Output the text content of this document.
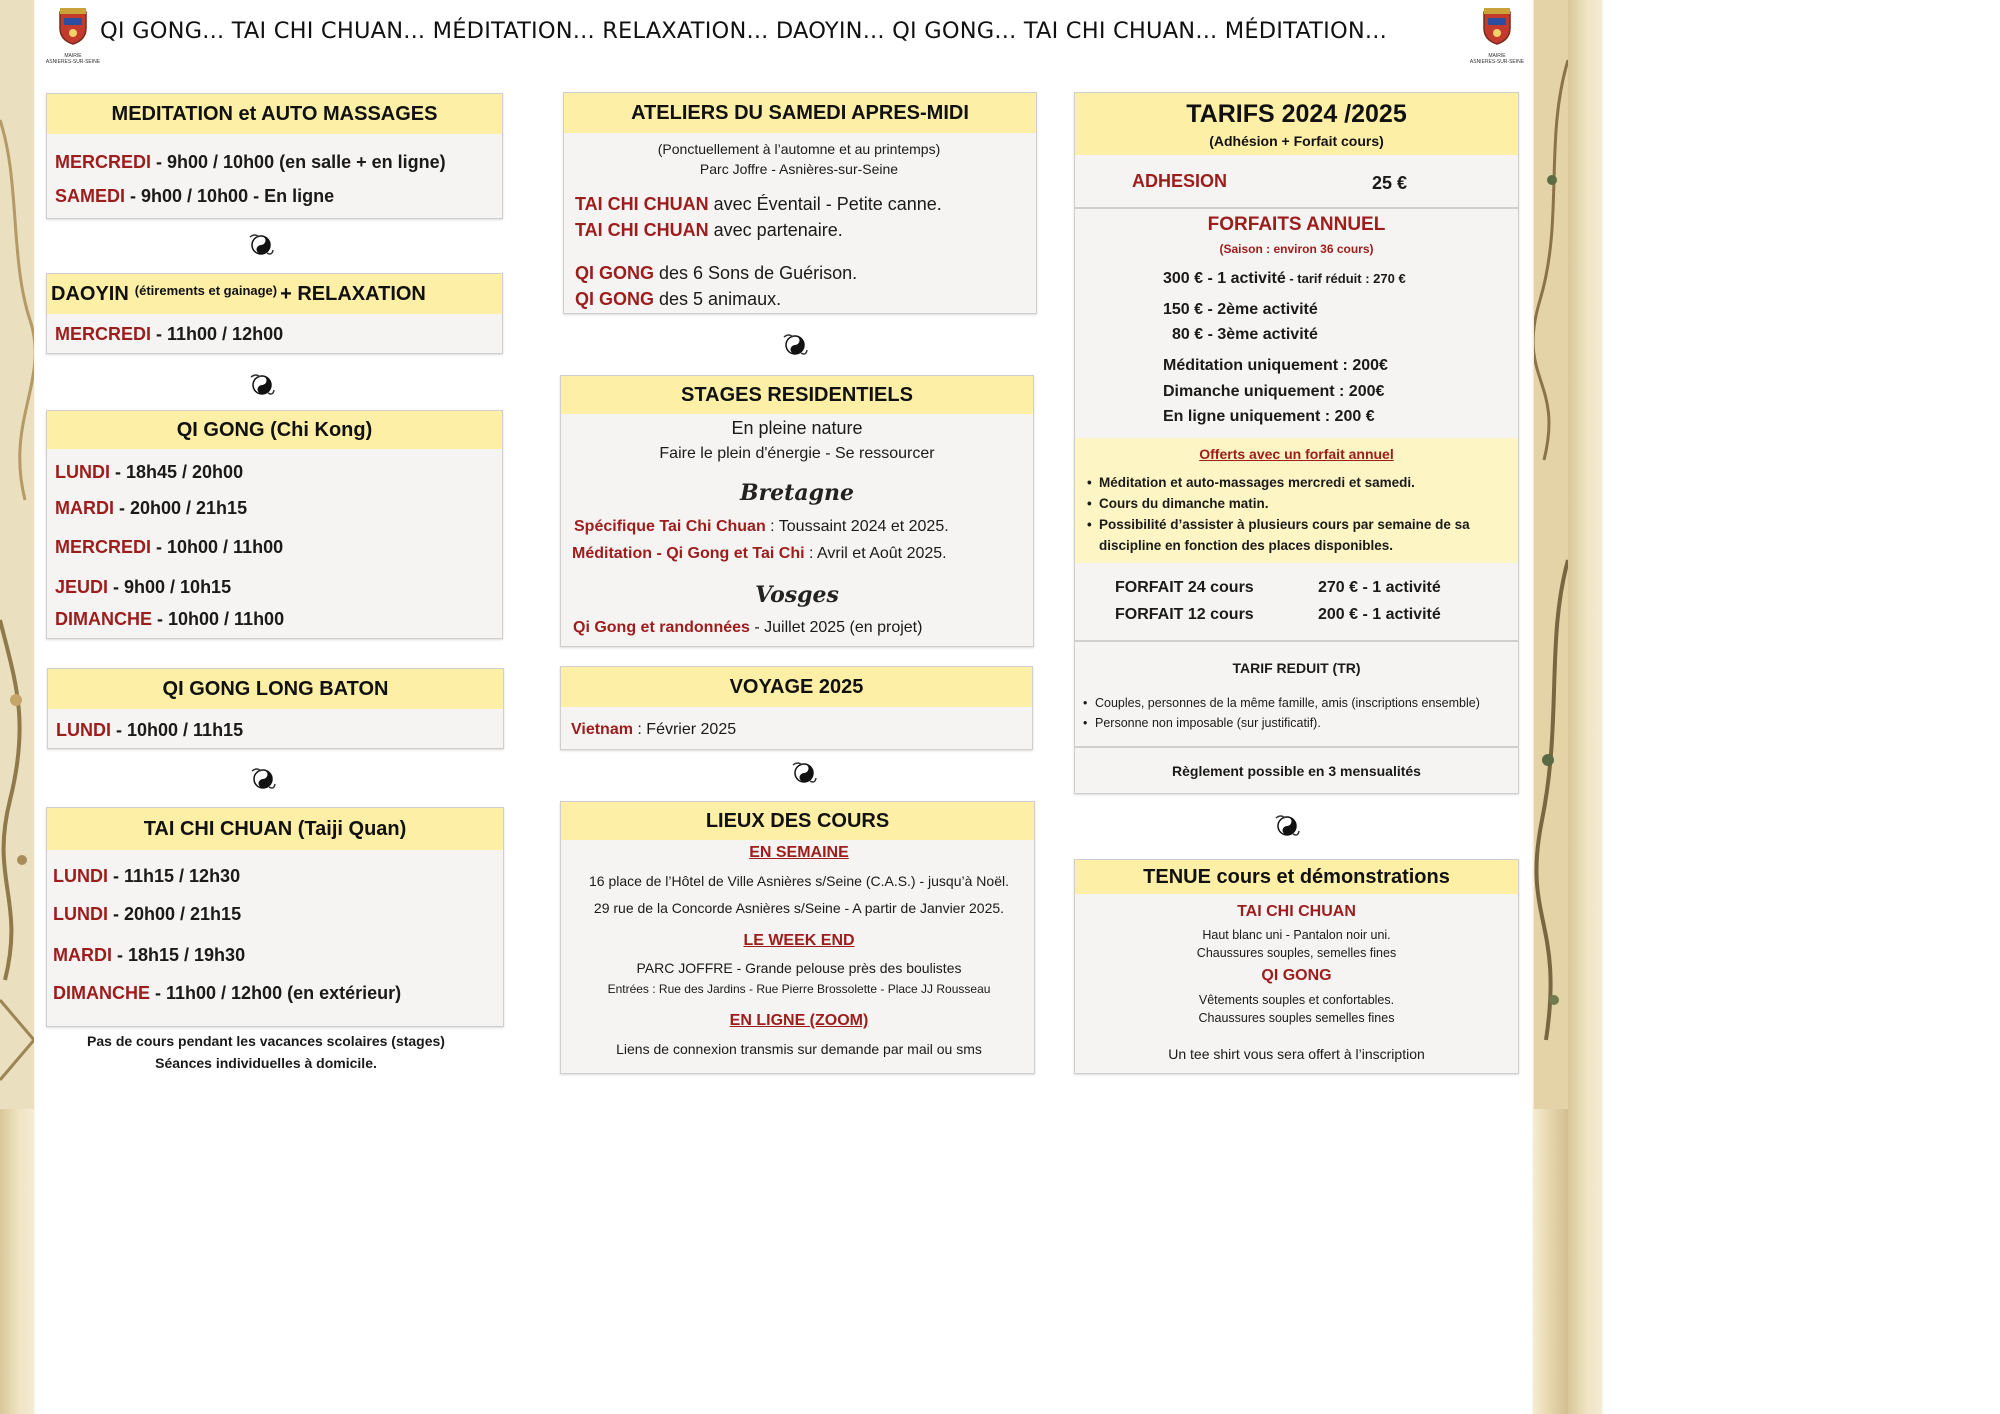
MAIRIE
ASNIERES-SUR-SEINE
MAIRIE
ASNIERES-SUR-SEINE
QI GONG... TAI CHI CHUAN... MÉDITATION... RELAXATION... DAOYIN... QI GONG... TAI CHI CHUAN... MÉDITATION...
MEDITATION et AUTO MASSAGES
MERCREDI - 9h00 / 10h00 (en salle + en ligne)
SAMEDI - 9h00 / 10h00 - En ligne
DAOYIN (étirements et gainage) + RELAXATION
MERCREDI - 11h00 / 12h00
QI GONG (Chi Kong)
LUNDI - 18h45 / 20h00
MARDI - 20h00 / 21h15
MERCREDI - 10h00 / 11h00
JEUDI - 9h00 / 10h15
DIMANCHE - 10h00 / 11h00
QI GONG LONG BATON
LUNDI - 10h00 / 11h15
TAI CHI CHUAN (Taiji Quan)
LUNDI - 11h15 / 12h30
LUNDI - 20h00 / 21h15
MARDI - 18h15 / 19h30
DIMANCHE - 11h00 / 12h00 (en extérieur)
Pas de cours pendant les vacances scolaires (stages)
Séances individuelles à domicile.
ATELIERS DU SAMEDI APRES-MIDI
(Ponctuellement à l’automne et au printemps)
Parc Joffre - Asnières-sur-Seine
TAI CHI CHUAN avec Éventail - Petite canne.
TAI CHI CHUAN avec partenaire.
QI GONG des 6 Sons de Guérison.
QI GONG des 5 animaux.
STAGES RESIDENTIELS
En pleine nature
Faire le plein d'énergie - Se ressourcer
Bretagne
Spécifique Tai Chi Chuan : Toussaint 2024 et 2025.
Méditation - Qi Gong et Tai Chi : Avril et Août 2025.
Vosges
Qi Gong et randonnées - Juillet 2025 (en projet)
VOYAGE 2025
Vietnam : Février 2025
LIEUX DES COURS
EN SEMAINE
16 place de l’Hôtel de Ville Asnières s/Seine (C.A.S.) - jusqu’à Noël.
29 rue de la Concorde Asnières s/Seine - A partir de Janvier 2025.
LE WEEK END
PARC JOFFRE - Grande pelouse près des boulistes
Entrées : Rue des Jardins - Rue Pierre Brossolette - Place JJ Rousseau
EN LIGNE (ZOOM)
Liens de connexion transmis sur demande par mail ou sms
TARIFS 2024 /2025
(Adhésion + Forfait cours)
ADHESION	25 €
FORFAITS ANNUEL
(Saison : environ 36 cours)
300 € - 1 activité - tarif réduit : 270 €
150 € - 2ème activité
80 € - 3ème activité
Méditation uniquement : 200€
Dimanche uniquement : 200€
En ligne uniquement : 200 €
Offerts avec un forfait annuel
• Méditation et auto-massages mercredi et samedi.
• Cours du dimanche matin.
• Possibilité d’assister à plusieurs cours par semaine de sa discipline en fonction des places disponibles.
FORFAIT 24 cours	270 € - 1 activité
FORFAIT 12 cours	200 € - 1 activité
TARIF REDUIT (TR)
• Couples, personnes de la même famille, amis (inscriptions ensemble)
• Personne non imposable (sur justificatif).
Règlement possible en 3 mensualités
TENUE cours et démonstrations
TAI CHI CHUAN
Haut blanc uni - Pantalon noir uni.
Chaussures souples, semelles fines
QI GONG
Vêtements souples et confortables.
Chaussures souples semelles fines
Un tee shirt vous sera offert à l’inscription
